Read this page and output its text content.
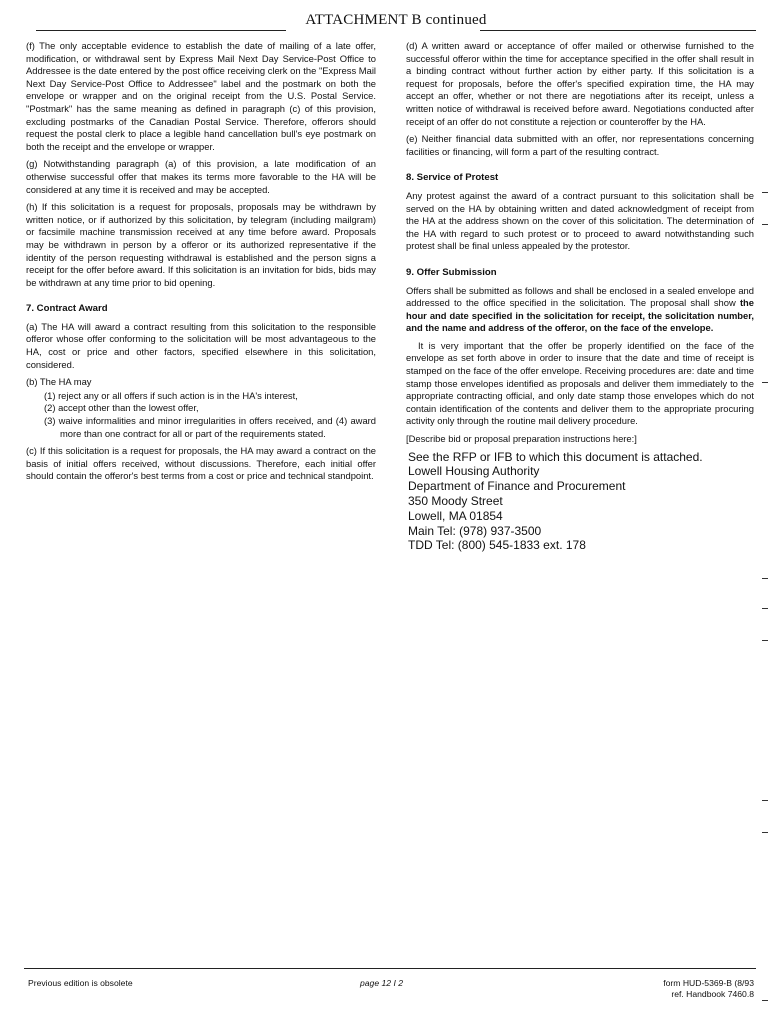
ATTACHMENT B continued

(f) The only acceptable evidence to establish the date of mailing of a late offer, modification, or withdrawal sent by Express Mail Next Day Service-Post Office to Addressee is the date entered by the post office receiving clerk on the "Express Mail Next Day Service-Post Office to Addressee" label and the postmark on both the envelope or wrapper and on the original receipt from the U.S. Postal Service. "Postmark" has the same meaning as defined in paragraph (c) of this provision, excluding postmarks of the Canadian Postal Service. Therefore, offerors should request the postal clerk to place a legible hand cancellation bull's eye postmark on both the receipt and the envelope or wrapper.

(g) Notwithstanding paragraph (a) of this provision, a late modification of an otherwise successful offer that makes its terms more favorable to the HA will be considered at any time it is received and may be accepted.

(h) If this solicitation is a request for proposals, proposals may be withdrawn by written notice, or if authorized by this solicitation, by telegram (including mailgram) or facsimile machine transmission received at any time before award. Proposals may be withdrawn in person by a offeror or its authorized representative if the identity of the person requesting withdrawal is established and the person signs a receipt for the offer before award. If this solicitation is an invitation for bids, bids may be withdrawn at any time prior to bid opening.

7. Contract Award

(a) The HA will award a contract resulting from this solicitation to the responsible offeror whose offer conforming to the solicitation will be most advantageous to the HA, cost or price and other factors, specified elsewhere in this solicitation, considered.

(b) The HA may

(1) reject any or all offers if such action is in the HA's interest,
(2) accept other than the lowest offer,
(3) waive informalities and minor irregularities in offers received, and (4) award more than one contract for all or part of the requirements stated.

(c) If this solicitation is a request for proposals, the HA may award a contract on the basis of initial offers received, without discussions. Therefore, each initial offer should contain the offeror's best terms from a cost or price and technical standpoint.

(d) A written award or acceptance of offer mailed or otherwise furnished to the successful offeror within the time for acceptance specified in the offer shall result in a binding contract without further action by either party. If this solicitation is a request for proposals, before the offer's specified expiration time, the HA may accept an offer, whether or not there are negotiations after its receipt, unless a written notice of withdrawal is received before award. Negotiations conducted after receipt of an offer do not constitute a rejection or counteroffer by the HA.

(e) Neither financial data submitted with an offer, nor representations concerning facilities or financing, will form a part of the resulting contract.

8. Service of Protest

Any protest against the award of a contract pursuant to this solicitation shall be served on the HA by obtaining written and dated acknowledgment of receipt from the HA at the address shown on the cover of this solicitation. The determination of the HA with regard to such protest or to proceed to award notwithstanding such protest shall be final unless appealed by the protestor.

9. Offer Submission

Offers shall be submitted as follows and shall be enclosed in a sealed envelope and addressed to the office specified in the solicitation. The proposal shall show the hour and date specified in the solicitation for receipt, the solicitation number, and the name and address of the offeror, on the face of the envelope.

It is very important that the offer be properly identified on the face of the envelope as set forth above in order to insure that the date and time of receipt is stamped on the face of the offer envelope. Receiving procedures are: date and time stamp those envelopes identified as proposals and deliver them immediately to the appropriate contracting official, and only date stamp those envelopes which do not contain identification of the contents and deliver them to the appropriate procuring activity only through the routine mail delivery procedure.

[Describe bid or proposal preparation instructions here:]

See the RFP or IFB to which this document is attached.
Lowell Housing Authority
Department of Finance and Procurement
350 Moody Street
Lowell, MA 01854
Main Tel: (978) 937-3500
TDD Tel: (800) 545-1833 ext. 178
Previous edition is obsolete	page 12 I 2	form HUD-5369-B (8/93
ref. Handbook 7460.8
